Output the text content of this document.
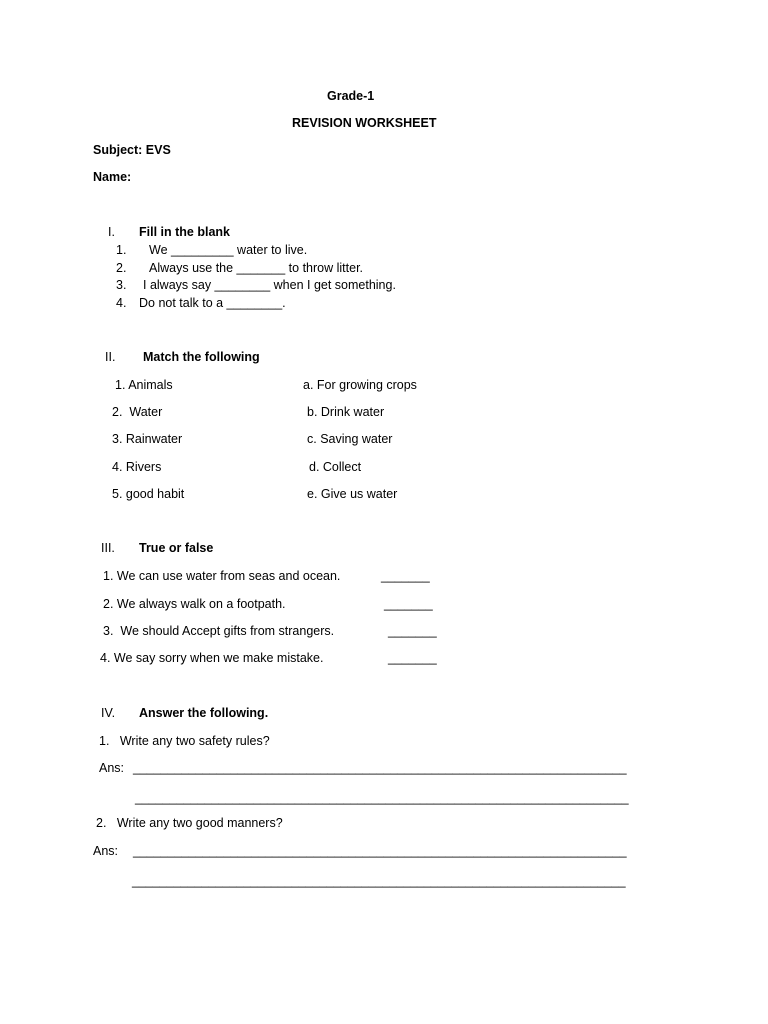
Grade-1
REVISION WORKSHEET
Subject: EVS
Name:
I. Fill in the blank
1. We _________ water to live.
2. Always use the _______ to throw litter.
3. I always say ________ when I get something.
4. Do not talk to a ________.
II. Match the following
1. Animals	a. For growing crops
2.  Water	b. Drink water
3. Rainwater	c. Saving water
4. Rivers	d. Collect
5. good habit	e. Give us water
III. True or false
1. We can use water from seas and ocean.	_______
2. We always walk on a footpath.	_______
3.  We should Accept gifts from strangers.	_______
4. We say sorry when we make mistake.	_______
IV. Answer the following.
1.   Write any two safety rules?
Ans: _______________________________________________________________________
_______________________________________________________________________
2.   Write any two good manners?
Ans: _______________________________________________________________________
_______________________________________________________________________
